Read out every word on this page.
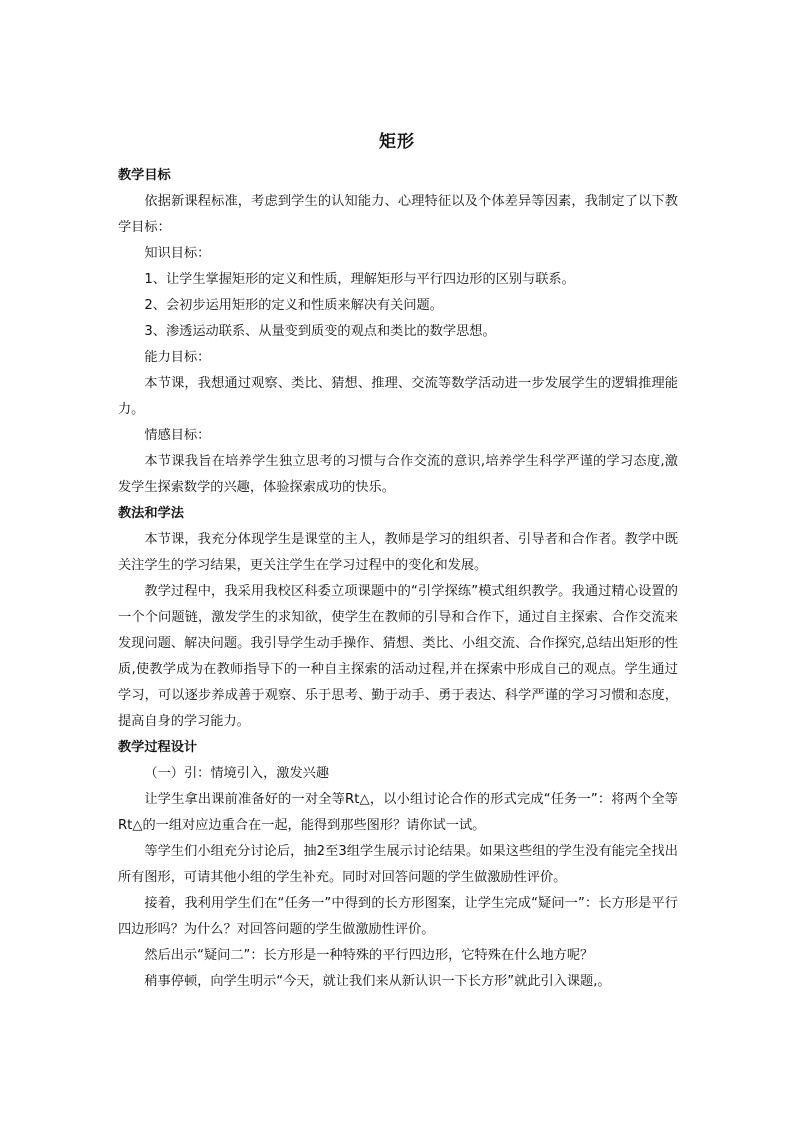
矩形
教学目标

依据新课程标准，考虑到学生的认知能力、心理特征以及个体差异等因素，我制定了以下教学目标：

知识目标：

1、让学生掌握矩形的定义和性质，理解矩形与平行四边形的区别与联系。

2、会初步运用矩形的定义和性质来解决有关问题。

3、渗透运动联系、从量变到质变的观点和类比的数学思想。

能力目标：

本节课，我想通过观察、类比、猜想、推理、交流等数学活动进一步发展学生的逻辑推理能力。

情感目标：

本节课我旨在培养学生独立思考的习惯与合作交流的意识,培养学生科学严谨的学习态度,激发学生探索数学的兴趣，体验探索成功的快乐。

教法和学法

本节课，我充分体现学生是课堂的主人，教师是学习的组织者、引导者和合作者。教学中既关注学生的学习结果，更关注学生在学习过程中的变化和发展。

教学过程中，我采用我校区科委立项课题中的“引学探练”模式组织教学。我通过精心设置的一个个问题链，激发学生的求知欲，使学生在教师的引导和合作下，通过自主探索、合作交流来发现问题、解决问题。我引导学生动手操作、猜想、类比、小组交流、合作探究,总结出矩形的性质,使教学成为在教师指导下的一种自主探索的活动过程,并在探索中形成自己的观点。学生通过学习，可以逐步养成善于观察、乐于思考、勤于动手、勇于表达、科学严谨的学习习惯和态度，提高自身的学习能力。

教学过程设计

（一）引：情境引入，激发兴趣

让学生拿出课前准备好的一对全等Rt△，以小组讨论合作的形式完成“任务一”：将两个全等Rt△的一组对应边重合在一起，能得到那些图形？请你试一试。

等学生们小组充分讨论后，抽2至3组学生展示讨论结果。如果这些组的学生没有能完全找出所有图形，可请其他小组的学生补充。同时对回答问题的学生做激励性评价。

接着，我利用学生们在“任务一”中得到的长方形图案，让学生完成“疑问一”：长方形是平行四边形吗？为什么？对回答问题的学生做激励性评价。

然后出示“疑问二”：长方形是一种特殊的平行四边形，它特殊在什么地方呢？

稍事停顿，向学生明示“今天，就让我们来从新认识一下长方形”就此引入课题,。
